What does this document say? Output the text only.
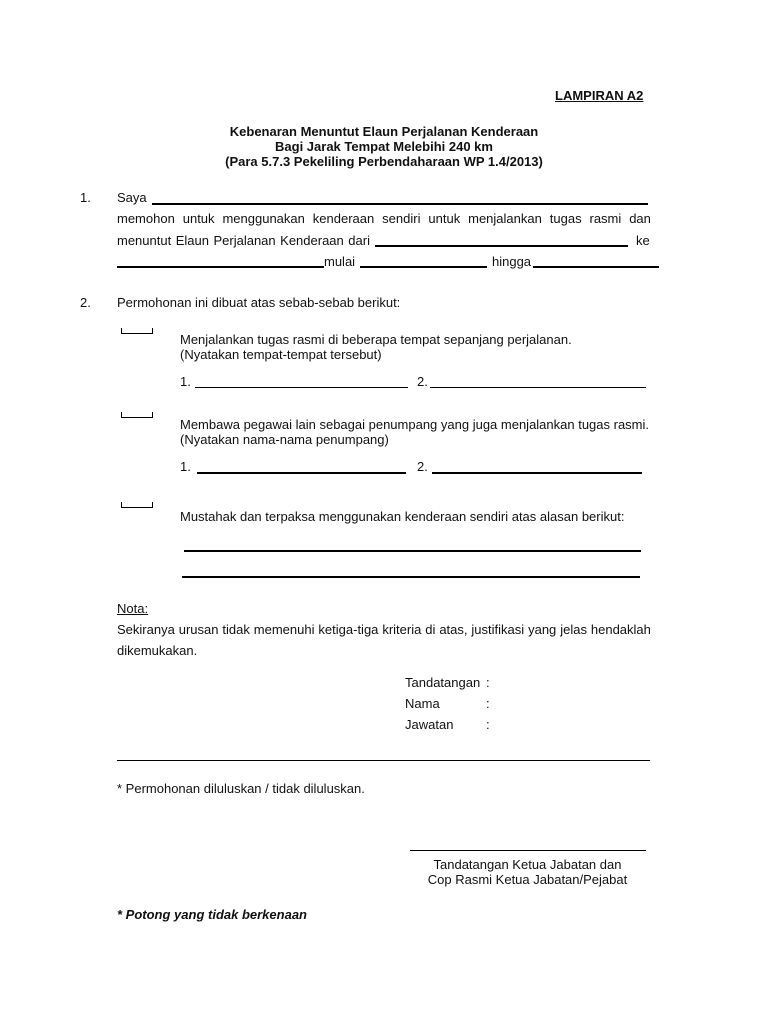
LAMPIRAN A2
Kebenaran Menuntut Elaun Perjalanan Kenderaan
Bagi Jarak Tempat Melebihi 240 km
(Para 5.7.3 Pekeliling Perbendaharaan WP 1.4/2013)
1. Saya
memohon untuk menggunakan kenderaan sendiri untuk menjalankan tugas rasmi dan
menuntut Elaun Perjalanan Kenderaan dari	ke
mulai	hingga
2. Permohonan ini dibuat atas sebab-sebab berikut:
Menjalankan tugas rasmi di beberapa tempat sepanjang perjalanan.
(Nyatakan tempat-tempat tersebut)
1.	2.
Membawa pegawai lain sebagai penumpang yang juga menjalankan tugas rasmi.
(Nyatakan nama-nama penumpang)
1.	2.
Mustahak dan terpaksa menggunakan kenderaan sendiri atas alasan berikut:
Nota:
Sekiranya urusan tidak memenuhi ketiga-tiga kriteria di atas, justifikasi yang jelas hendaklah
dikemukakan.
Tandatangan :
Nama	:
Jawatan	:
* Permohonan diluluskan / tidak diluluskan.
Tandatangan Ketua Jabatan dan
Cop Rasmi Ketua Jabatan/Pejabat
* Potong yang tidak berkenaan
